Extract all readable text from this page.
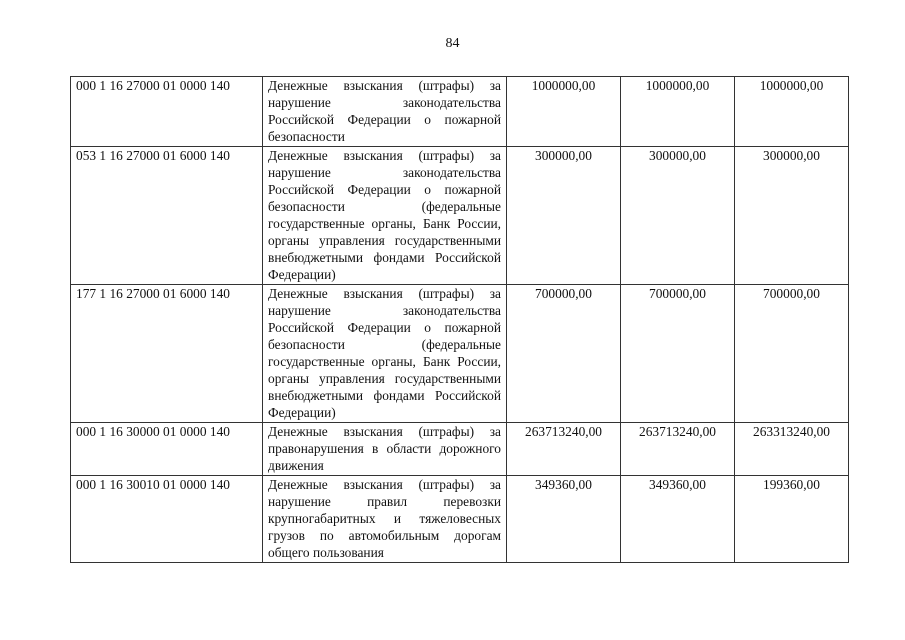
84
000 1 16 27000 01 0000 140	Денежные взыскания (штрафы) за нарушение законодательства Российской Федерации о пожарной безопасности	1000000,00	1000000,00	1000000,00
053 1 16 27000 01 6000 140	Денежные взыскания (штрафы) за нарушение законодательства Российской Федерации о пожарной безопасности (федеральные государственные органы, Банк России, органы управления государственными внебюджетными фондами Российской Федерации)	300000,00	300000,00	300000,00
177 1 16 27000 01 6000 140	Денежные взыскания (штрафы) за нарушение законодательства Российской Федерации о пожарной безопасности (федеральные государственные органы, Банк России, органы управления государственными внебюджетными фондами Российской Федерации)	700000,00	700000,00	700000,00
000 1 16 30000 01 0000 140	Денежные взыскания (штрафы) за правонарушения в области дорожного движения	263713240,00	263713240,00	263313240,00
000 1 16 30010 01 0000 140	Денежные взыскания (штрафы) за нарушение правил перевозки крупногабаритных и тяжеловесных грузов по автомобильным дорогам общего пользования	349360,00	349360,00	199360,00
